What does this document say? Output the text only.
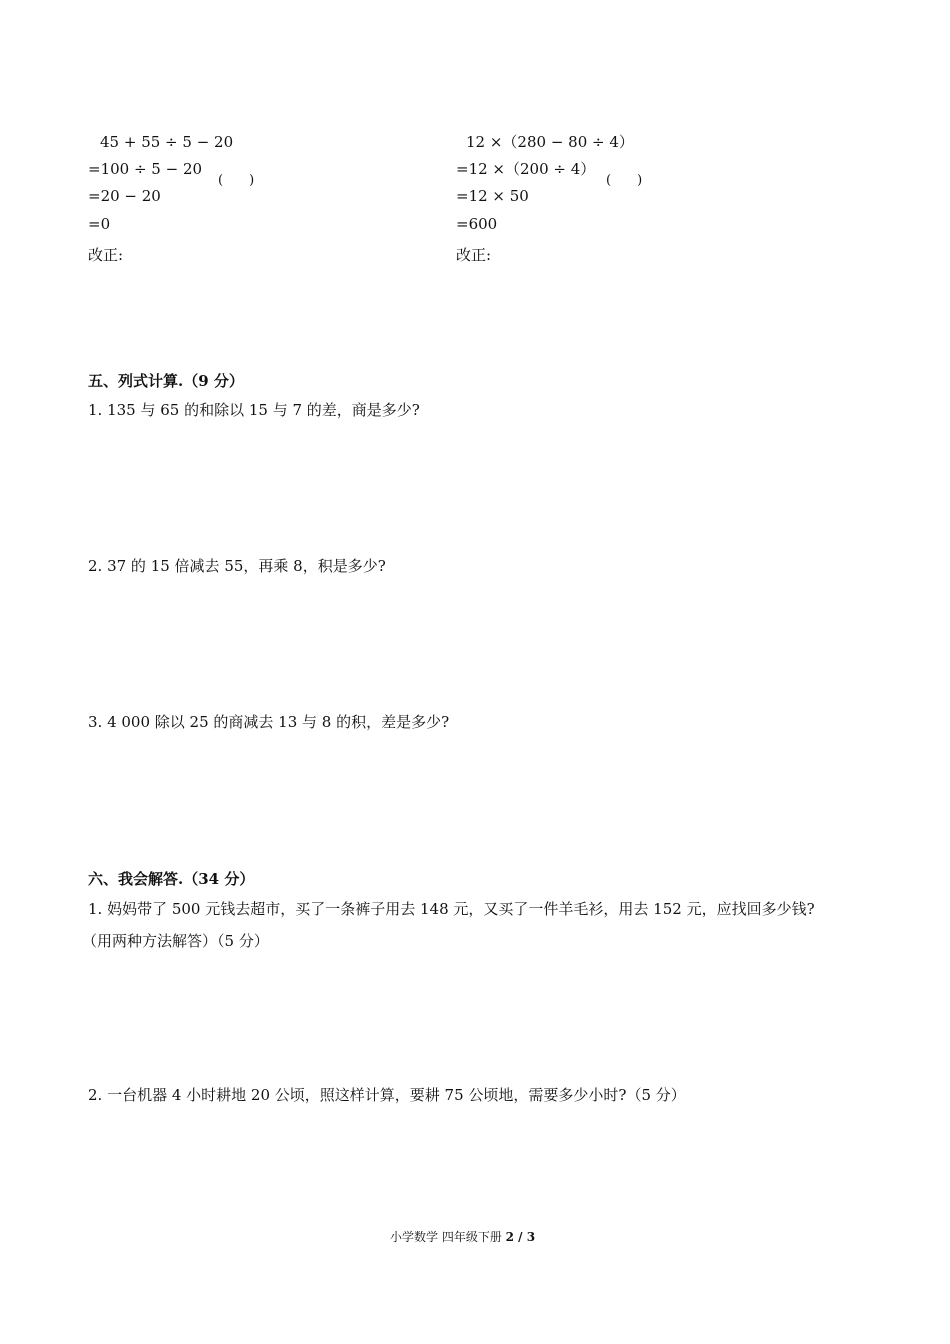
45 + 55 ÷ 5 − 20
=100 ÷ 5 − 20
=20 − 20
=0
(　　)
改正:
12 ×（280 − 80 ÷ 4）
=12 ×（200 ÷ 4）
=12 × 50
=600
(　　)
改正:
五、列式计算.（9 分）
1. 135 与 65 的和除以 15 与 7 的差，商是多少?
2. 37 的 15 倍减去 55，再乘 8，积是多少?
3. 4 000 除以 25 的商减去 13 与 8 的积，差是多少?
六、我会解答.（34 分）
1. 妈妈带了 500 元钱去超市，买了一条裤子用去 148 元，又买了一件羊毛衫，用去 152 元，应找回多少钱?
（用两种方法解答）（5 分）
2. 一台机器 4 小时耕地 20 公顷，照这样计算，要耕 75 公顷地，需要多少小时?（5 分）
小学数学 四年级下册 2 / 3
